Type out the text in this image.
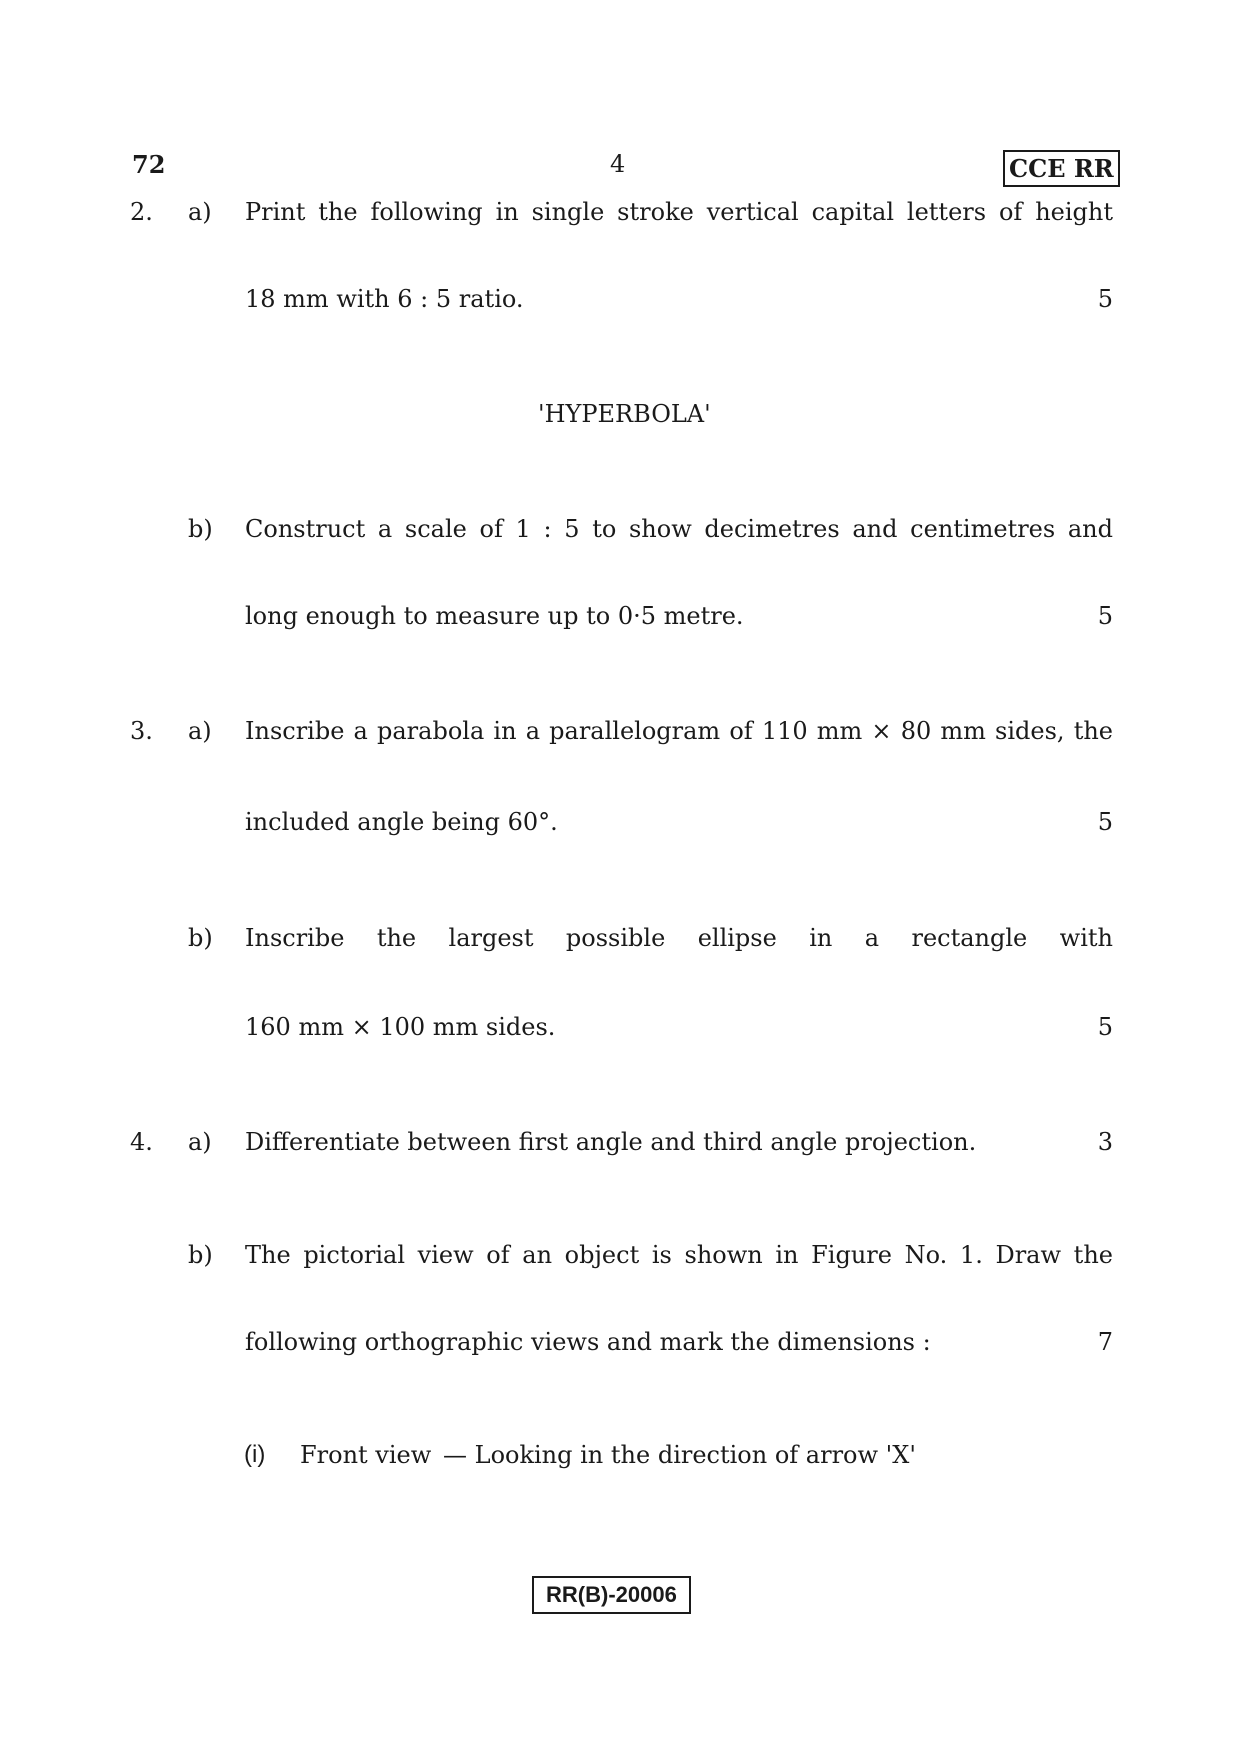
72	4	CCE RR
2.	a)	Print the following in single stroke vertical capital letters of height
18 mm with 6 : 5 ratio.	5
'HYPERBOLA'
b)	Construct a scale of 1 : 5 to show decimetres and centimetres and
long enough to measure up to 0·5 metre.	5
3.	a)	Inscribe a parabola in a parallelogram of 110 mm × 80 mm sides, the
included angle being 60°.	5
b)	Inscribe the largest possible ellipse in a rectangle with
160 mm × 100 mm sides.	5
4.	a)	Differentiate between first angle and third angle projection.	3
b)	The pictorial view of an object is shown in Figure No. 1. Draw the
following orthographic views and mark the dimensions :	7
(i) Front view — Looking in the direction of arrow 'X'
RR(B)-20006
